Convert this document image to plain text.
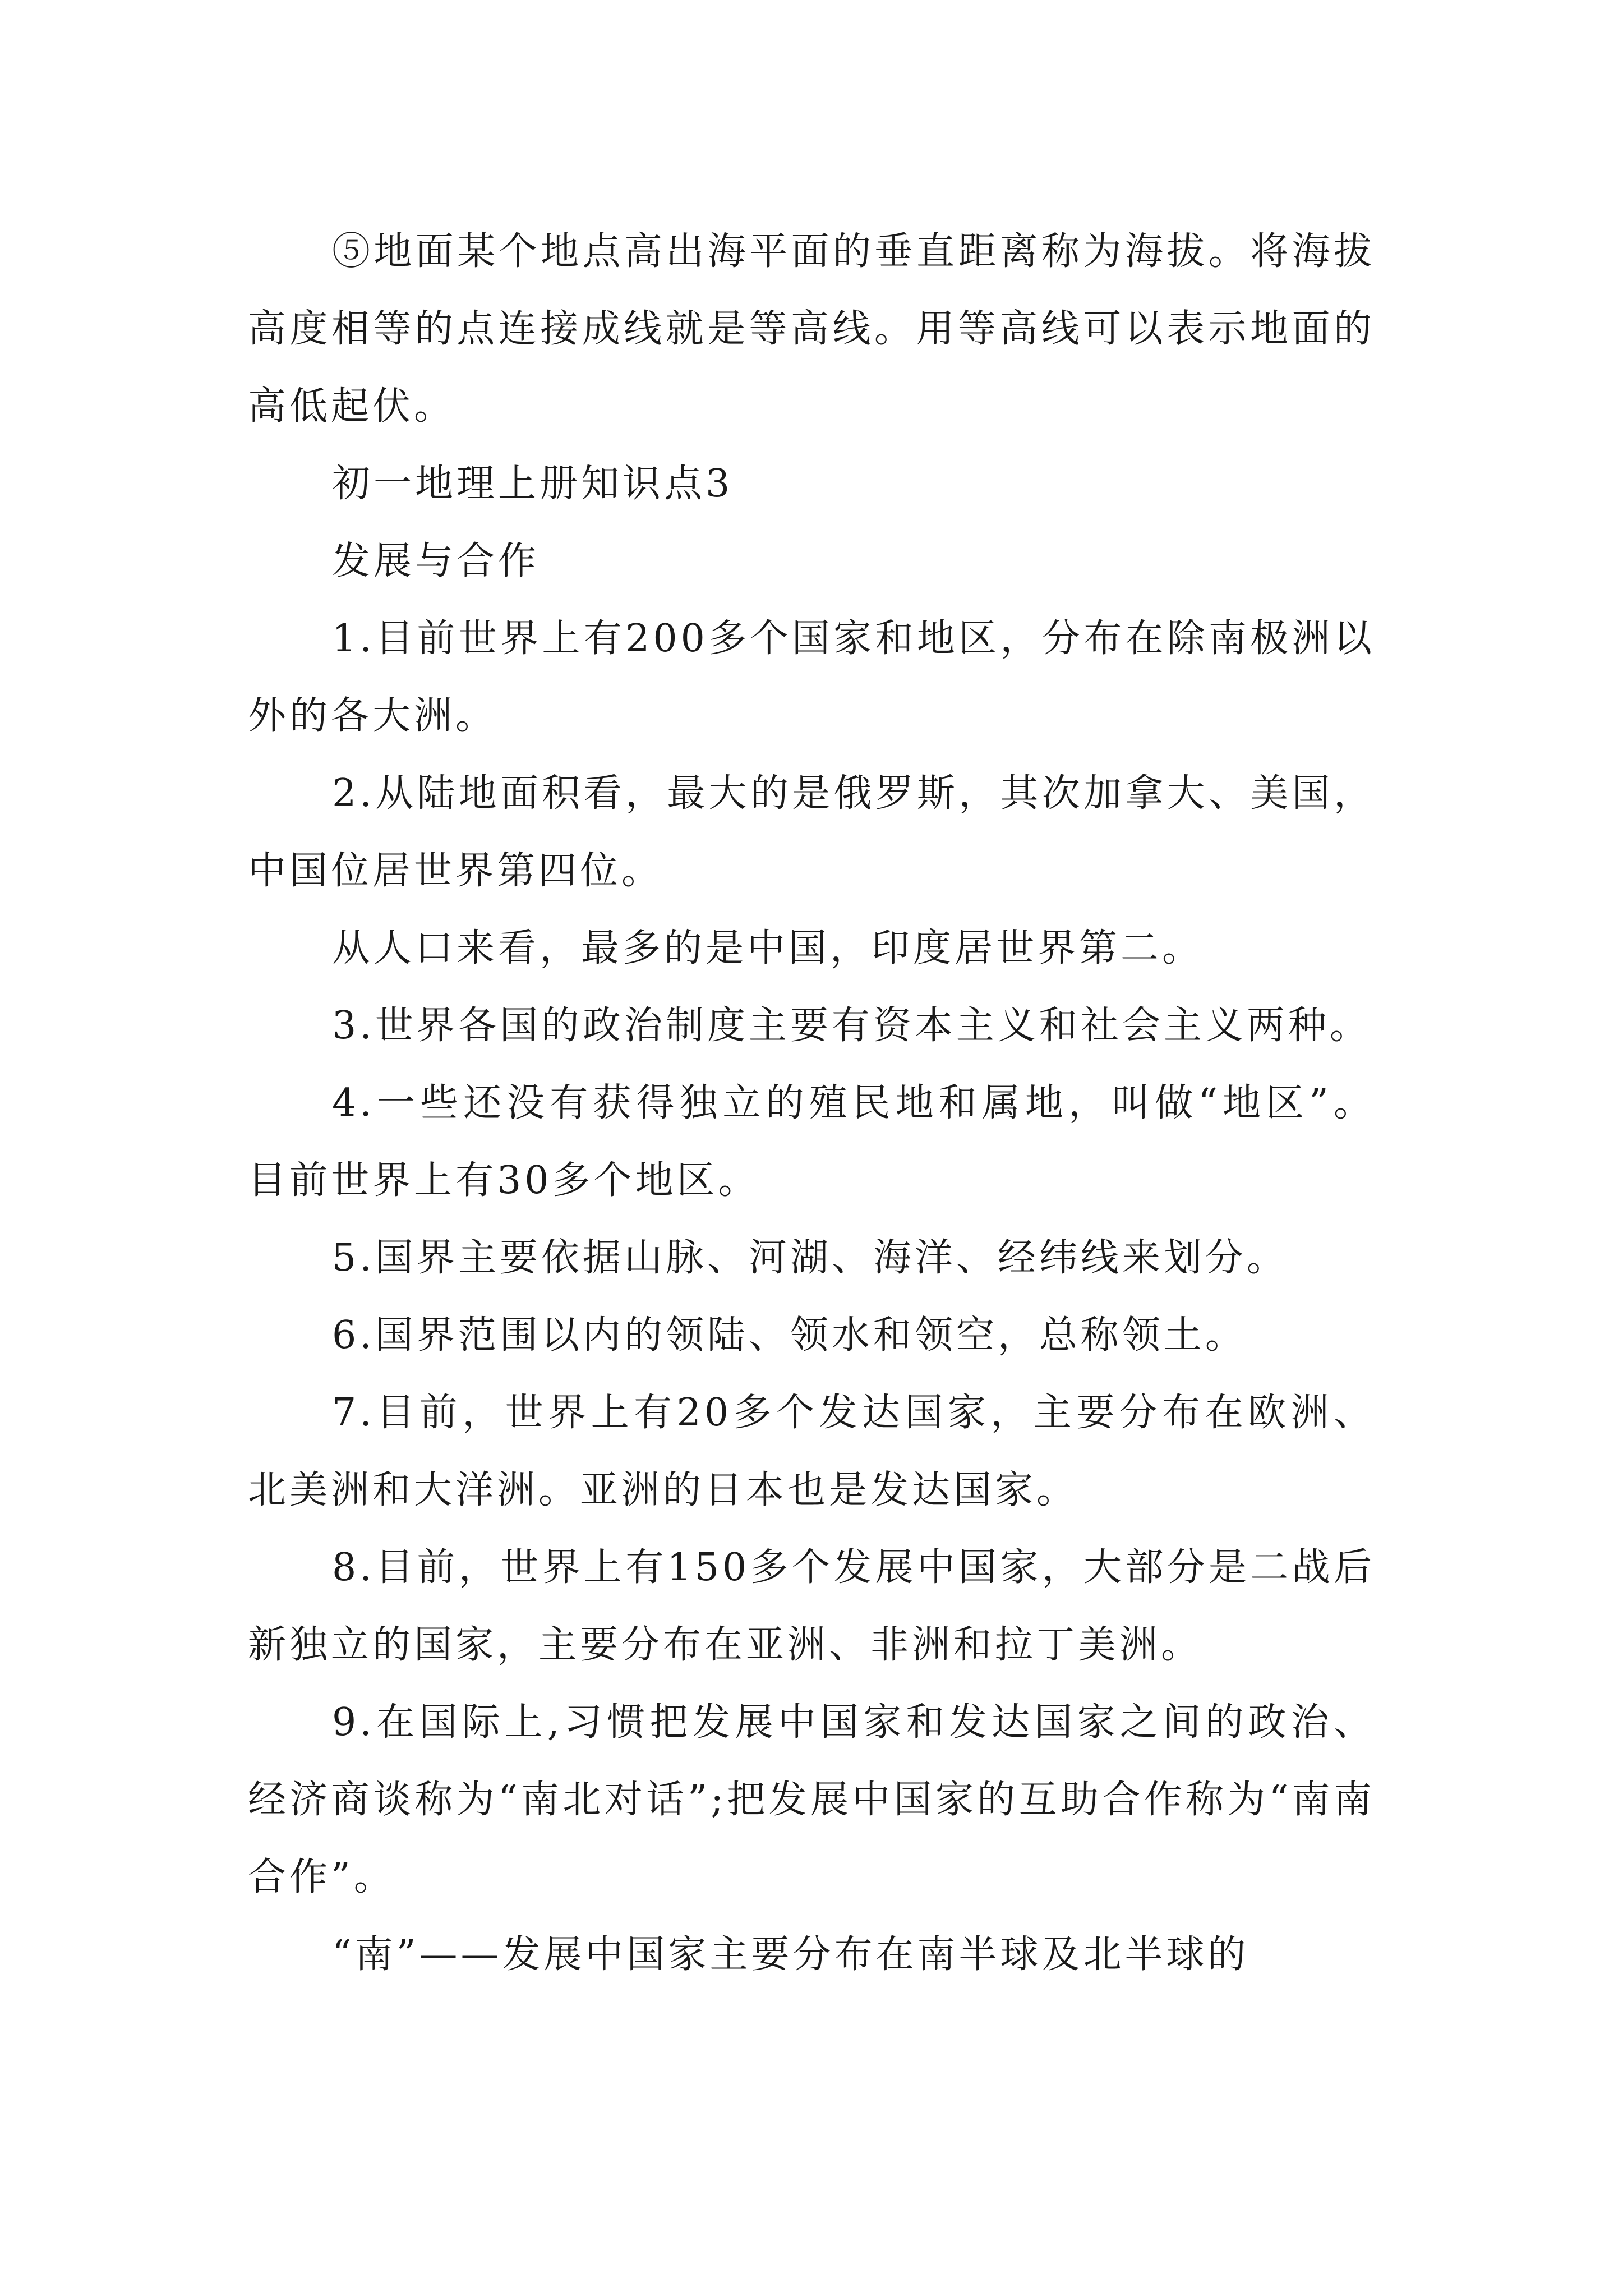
⑤地面某个地点高出海平面的垂直距离称为海拔。将海拔高度相等的点连接成线就是等高线。用等高线可以表示地面的高低起伏。

初一地理上册知识点3

发展与合作

1.目前世界上有200多个国家和地区，分布在除南极洲以外的各大洲。

2.从陆地面积看，最大的是俄罗斯，其次加拿大、美国，中国位居世界第四位。

从人口来看，最多的是中国，印度居世界第二。

3.世界各国的政治制度主要有资本主义和社会主义两种。

4.一些还没有获得独立的殖民地和属地，叫做“地区”。目前世界上有30多个地区。

5.国界主要依据山脉、河湖、海洋、经纬线来划分。

6.国界范围以内的领陆、领水和领空，总称领土。

7.目前，世界上有20多个发达国家，主要分布在欧洲、北美洲和大洋洲。亚洲的日本也是发达国家。

8.目前，世界上有150多个发展中国家，大部分是二战后新独立的国家，主要分布在亚洲、非洲和拉丁美洲。

9.在国际上,习惯把发展中国家和发达国家之间的政治、经济商谈称为“南北对话”;把发展中国家的互助合作称为“南南合作”。

“南”——发展中国家主要分布在南半球及北半球的
